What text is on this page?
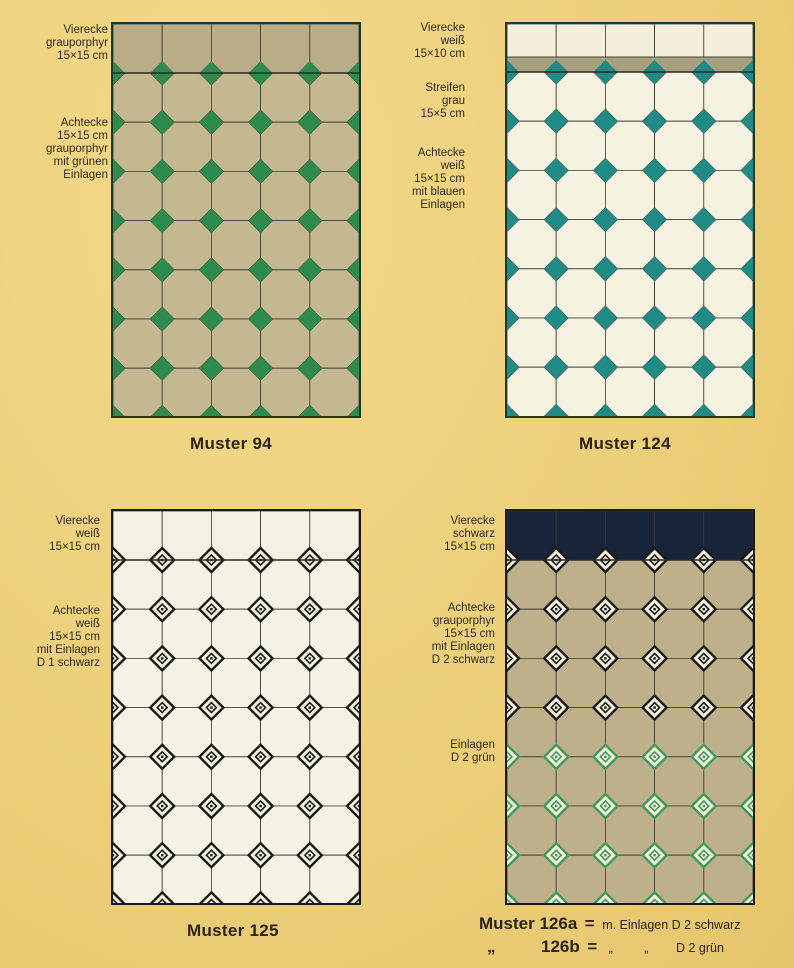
Vierecke
grauporphyr
15×15 cm
Achtecke
15×15 cm
grauporphyr
mit grünen
Einlagen
Muster 94
Vierecke
weiß
15×10 cm
Streifen
grau
15×5 cm
Achtecke
weiß
15×15 cm
mit blauen
Einlagen
Muster 124
Vierecke
weiß
15×15 cm
Achtecke
weiß
15×15 cm
mit Einlagen
D 1 schwarz
Muster 125
Vierecke
schwarz
15×15 cm
Achtecke
grauporphyr
15×15 cm
mit Einlagen
D 2 schwarz
Einlagen
D 2 grün
Muster 126a = m. Einlagen D 2 schwarz
„	126b = „	„ D 2 grün
